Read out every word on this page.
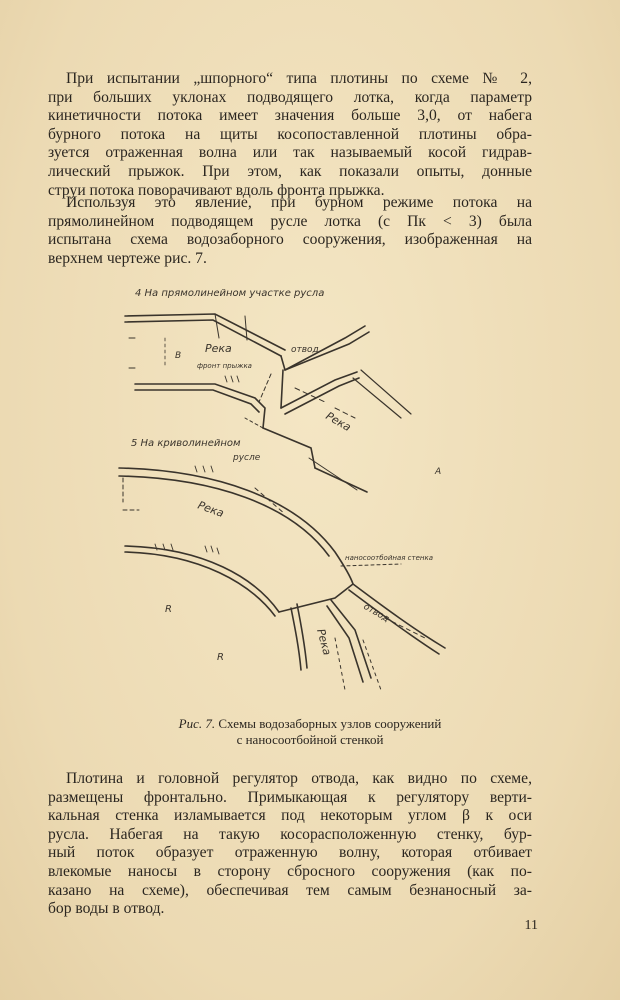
При испытании „шпорного“ типа плотины по схеме № 2,
при больших уклонах подводящего лотка, когда параметр
кинетичности потока имеет значения больше 3,0, от набега
бурного потока на щиты косопоставленной плотины обра-
зуется отраженная волна или так называемый косой гидрав-
лический прыжок. При этом, как показали опыты, донные
струи потока поворачивают вдоль фронта прыжка.

Используя это явление, при бурном режиме потока на
прямолинейном подводящем русле лотка (с Пк < 3) была
испытана схема водозаборного сооружения, изображенная на
верхнем чертеже рис. 7.

4 На прямолинейном участке русла
5 На криволинейном
русле
Река
Река
Река
Река
отвод
отвод
фронт прыжка
наносоотбойная стенка
R
R
А
В
Рис. 7. Схемы водозаборных узлов сооружений
с наносоотбойной стенкой

Плотина и головной регулятор отвода, как видно по схеме,
размещены фронтально. Примыкающая к регулятору верти-
кальная стенка изламывается под некоторым углом β к оси
русла. Набегая на такую косорасположенную стенку, бур-
ный поток образует отраженную волну, которая отбивает
влекомые наносы в сторону сбросного сооружения (как по-
казано на схеме), обеспечивая тем самым безнаносный за-
бор воды в отвод.

11
